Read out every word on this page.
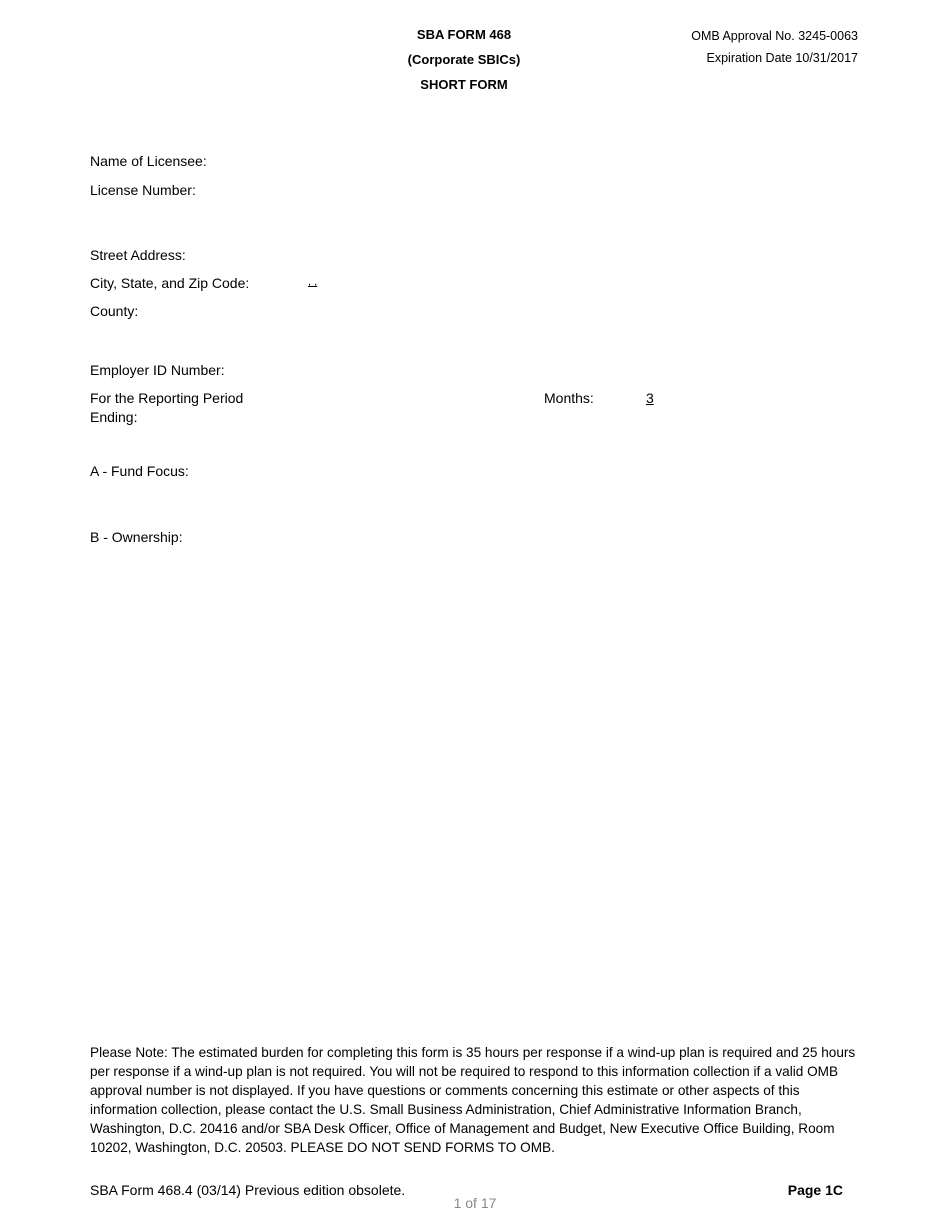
SBA FORM 468
(Corporate SBICs)
SHORT FORM
OMB Approval No. 3245-0063
Expiration Date 10/31/2017
Name of Licensee:
License Number:
Street Address:
City, State, and Zip Code:	, ,
County:
Employer ID Number:
For the Reporting Period
Ending:
Months:	3
A - Fund Focus:
B - Ownership:
Please Note: The estimated burden for completing this form is 35 hours per response if a wind-up plan is required and 25 hours per response if a wind-up plan is not required. You will not be required to respond to this information collection if a valid OMB approval number is not displayed. If you have questions or comments concerning this estimate or other aspects of this information collection, please contact the U.S. Small Business Administration, Chief Administrative Information Branch, Washington, D.C. 20416 and/or SBA Desk Officer, Office of Management and Budget, New Executive Office Building, Room 10202, Washington, D.C. 20503. PLEASE DO NOT SEND FORMS TO OMB.
SBA Form 468.4 (03/14) Previous edition obsolete.	Page 1C
1 of 17
